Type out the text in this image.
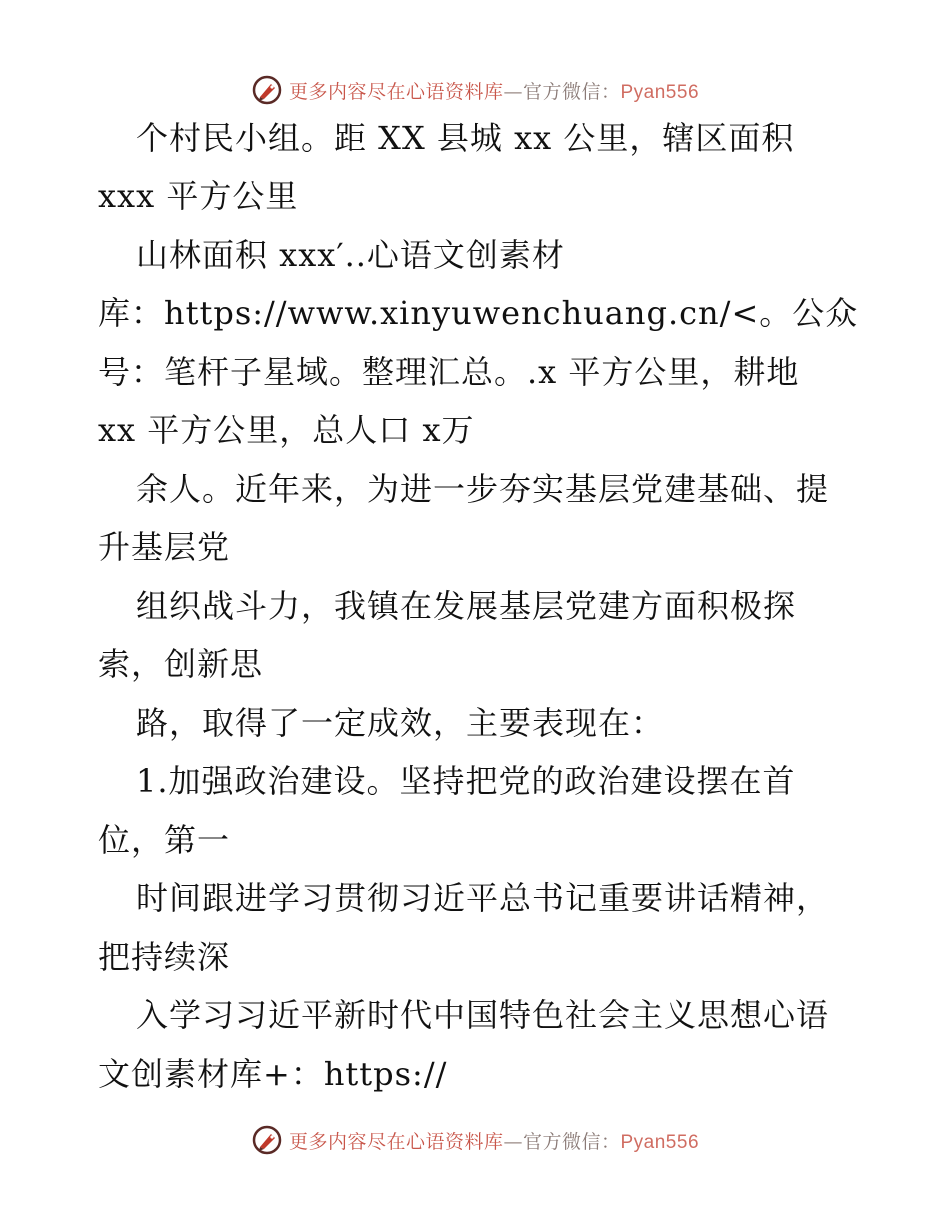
更多内容尽在心语资料库—官方微信：Pyan556
个村民小组。距 XX 县城 xx 公里，辖区面积
xxx 平方公里
山林面积 xxx′..心语文创素材
库：https://www.xinyuwenchuang.cn/<。公众
号：笔杆子星域。整理汇总。.x 平方公里，耕地
xx 平方公里，总人口 x万
余人。近年来，为进一步夯实基层党建基础、提
升基层党
组织战斗力，我镇在发展基层党建方面积极探
索，创新思
路，取得了一定成效，主要表现在：
1.加强政治建设。坚持把党的政治建设摆在首
位，第一
时间跟进学习贯彻习近平总书记重要讲话精神，
把持续深
入学习习近平新时代中国特色社会主义思想心语
文创素材库+：https://
更多内容尽在心语资料库—官方微信：Pyan556
